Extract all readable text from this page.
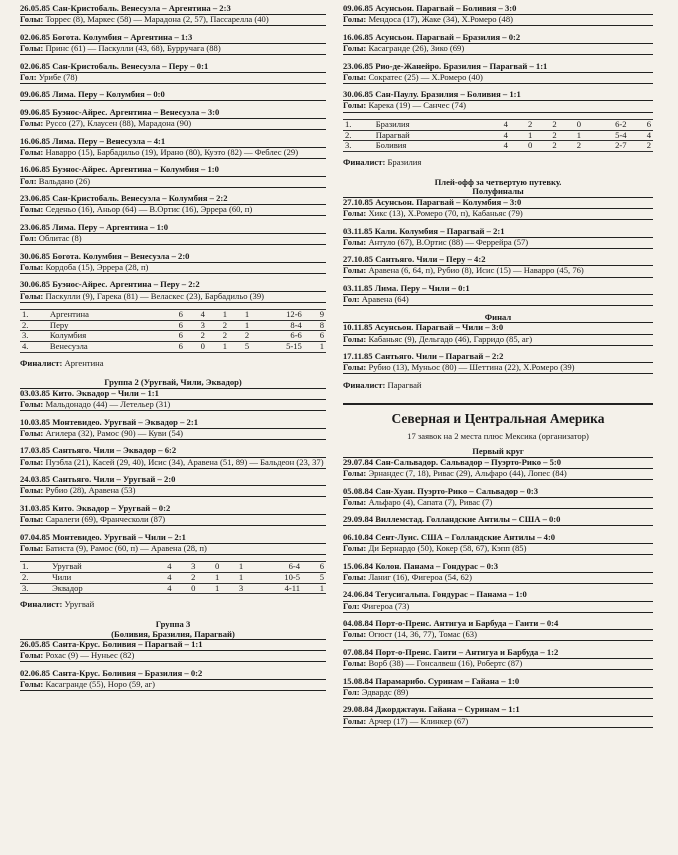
26.05.85 Сан-Кристобаль. Венесуэла – Аргентина – 2:3
Голы: Торрес (8), Маркес (58) — Марадона (2, 57), Пассарелла (40)
02.06.85 Богота. Колумбия – Аргентина – 1:3
Голы: Принс (61) — Паскулли (43, 68), Бурручага (88)
02.06.85 Сан-Кристобаль. Венесуэла – Перу – 0:1
Гол: Урибе (78)
09.06.85 Лима. Перу – Колумбия – 0:0
09.06.85 Буэнос-Айрес. Аргентина – Венесуэла – 3:0
Голы: Руссо (27), Клаусен (88), Марадона (90)
16.06.85 Лима. Перу – Венесуэла – 4:1
Голы: Наварро (15), Барбадильо (19), Ирано (80), Куэто (82) — Феблес (29)
16.06.85 Буэнос-Айрес. Аргентина – Колумбия – 1:0
Гол: Вальдано (26)
23.06.85 Сан-Кристобаль. Венесуэла – Колумбия – 2:2
Голы: Седеньо (16), Аньор (64) — В.Ортис (16), Эррера (60, п)
23.06.85 Лима. Перу – Аргентина – 1:0
Гол: Облитас (8)
30.06.85 Богота. Колумбия – Венесуэла – 2:0
Голы: Кордоба (15), Эррера (28, п)
30.06.85 Буэнос-Айрес. Аргентина – Перу – 2:2
Голы: Паскулли (9), Гарека (81) — Веласкес (23), Барбадильо (39)
1.	Аргентина	6	4	1	1	12-6	9
2.	Перу	6	3	2	1	8-4	8
3.	Колумбия	6	2	2	2	6-6	6
4.	Венесуэла	6	0	1	5	5-15	1
Финалист: Аргентина
Группа 2 (Уругвай, Чили, Эквадор)
03.03.85 Кито. Эквадор – Чили – 1:1
Голы: Мальдонадо (44) — Летельер (31)
10.03.85 Монтевидео. Уругвай – Эквадор – 2:1
Голы: Агилера (32), Рамос (90) — Куви (54)
17.03.85 Сантьяго. Чили – Эквадор – 6:2
Голы: Пуэбла (21), Касей (29, 40), Исис (34), Аравена (51, 89) — Бальдеон (23, 37)
24.03.85 Сантьяго. Чили – Уругвай – 2:0
Голы: Рубио (28), Аравена (53)
31.03.85 Кито. Эквадор – Уругвай – 0:2
Голы: Саралеги (69), Франческоли (87)
07.04.85 Монтевидео. Уругвай – Чили – 2:1
Голы: Батиста (9), Рамос (60, п) — Аравена (28, п)
1.	Уругвай	4	3	0	1	6-4	6
2.	Чили	4	2	1	1	10-5	5
3.	Эквадор	4	0	1	3	4-11	1
Финалист: Уругвай
Группа 3
(Боливия, Бразилия, Парагвай)
26.05.85 Санта-Крус. Боливия – Парагвай – 1:1
Голы: Рохас (9) — Нуньес (82)
02.06.85 Санта-Крус. Боливия – Бразилия – 0:2
Голы: Касагранде (55), Норо (59, аг)
09.06.85 Асунсьон. Парагвай – Боливия – 3:0
Голы: Мендоса (17), Жаке (34), Х.Ромеро (48)
16.06.85 Асунсьон. Парагвай – Бразилия – 0:2
Голы: Касагранде (26), Зико (69)
23.06.85 Рио-де-Жанейро. Бразилия – Парагвай – 1:1
Голы: Сократес (25) — Х.Ромеро (40)
30.06.85 Сан-Паулу. Бразилия – Боливия – 1:1
Голы: Карека (19) — Санчес (74)
1.	Бразилия	4	2	2	0	6-2	6
2.	Парагвай	4	1	2	1	5-4	4
3.	Боливия	4	0	2	2	2-7	2
Финалист: Бразилия
Плей-офф за четвертую путевку.
Полуфиналы
27.10.85 Асунсьон. Парагвай – Колумбия – 3:0
Голы: Хикс (13), Х.Ромеро (70, п), Кабаньяс (79)
03.11.85 Кали. Колумбия – Парагвай – 2:1
Голы: Антуло (67), В.Ортис (88) — Феррейра (57)
27.10.85 Сантьяго. Чили – Перу – 4:2
Голы: Аравена (6, 64, п), Рубио (8), Исис (15) — Наварро (45, 76)
03.11.85 Лима. Перу – Чили – 0:1
Гол: Аравена (64)
Финал
10.11.85 Асунсьон. Парагвай – Чили – 3:0
Голы: Кабаньяс (9), Дельгадо (46), Гарридо (85, аг)
17.11.85 Сантьяго. Чили – Парагвай – 2:2
Голы: Рубио (13), Муньос (80) — Шеттина (22), Х.Ромеро (39)
Финалист: Парагвай
Северная и Центральная Америка
17 заявок на 2 места плюс Мексика (организатор)
Первый круг
29.07.84 Сан-Сальвадор. Сальвадор – Пуэрто-Рико – 5:0
Голы: Эрнандес (7, 18), Ривас (29), Альфаро (44), Лопес (84)
05.08.84 Сан-Хуан. Пуэрто-Рико – Сальвадор – 0:3
Голы: Альфаро (4), Сапата (7), Ривас (7)
29.09.84 Виллемстад. Голландские Антилы – США – 0:0
06.10.84 Сент-Луис. США – Голландские Антилы – 4:0
Голы: Ди Бернардо (50), Кокер (58, 67), Кэпп (85)
15.06.84 Колон. Панама – Гондурас – 0:3
Голы: Ланиг (16), Фигероа (54, 62)
24.06.84 Тегусигальпа. Гондурас – Панама – 1:0
Гол: Фигероа (73)
04.08.84 Порт-о-Пренс. Антигуа и Барбуда – Гаити – 0:4
Голы: Огюст (14, 36, 77), Томас (63)
07.08.84 Порт-о-Пренс. Гаити – Антигуа и Барбуда – 1:2
Голы: Ворб (38) — Гонсалвеш (16), Робертс (87)
15.08.84 Парамарибо. Суринам – Гайана – 1:0
Гол: Эдвардс (89)
29.08.84 Джорджтаун. Гайана – Суринам – 1:1
Голы: Арчер (17) — Клинкер (67)
